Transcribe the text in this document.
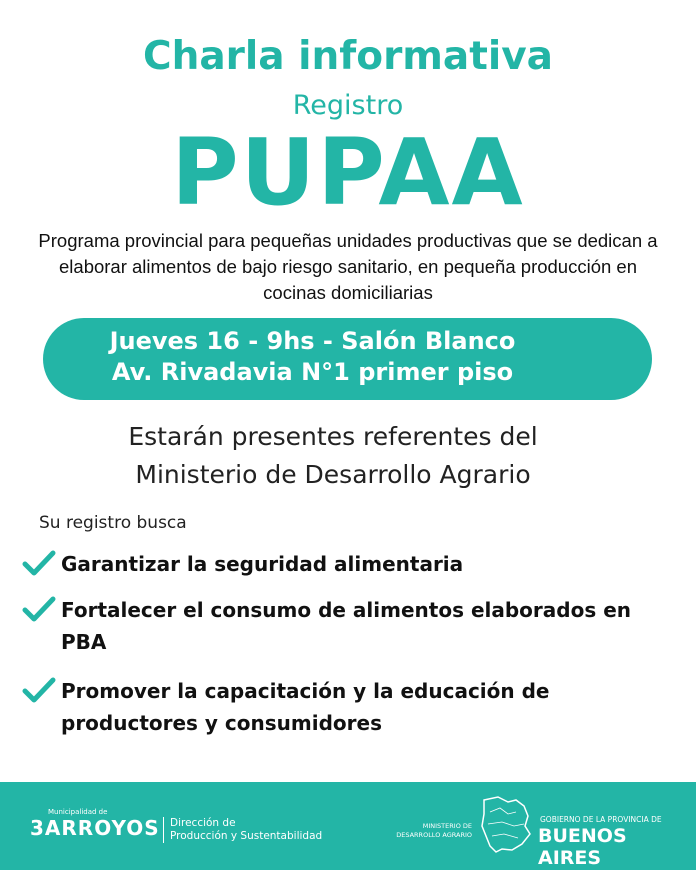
Charla informativa
Registro
PUPAA
Programa provincial para pequeñas unidades productivas que se dedican a elaborar alimentos de bajo riesgo sanitario, en pequeña producción en cocinas domiciliarias
Jueves 16 - 9hs - Salón Blanco
Av. Rivadavia N°1 primer piso
Estarán presentes referentes del
Ministerio de Desarrollo Agrario
Su registro busca
Garantizar la seguridad alimentaria
Fortalecer el consumo de alimentos elaborados en PBA
Promover la capacitación y la educación de productores y consumidores
Municipalidad de
3ARROYOS Dirección de
Producción y Sustentabilidad
MINISTERIO DE
DESARROLLO AGRARIO
GOBIERNO DE LA PROVINCIA DE
BUENOS AIRES
